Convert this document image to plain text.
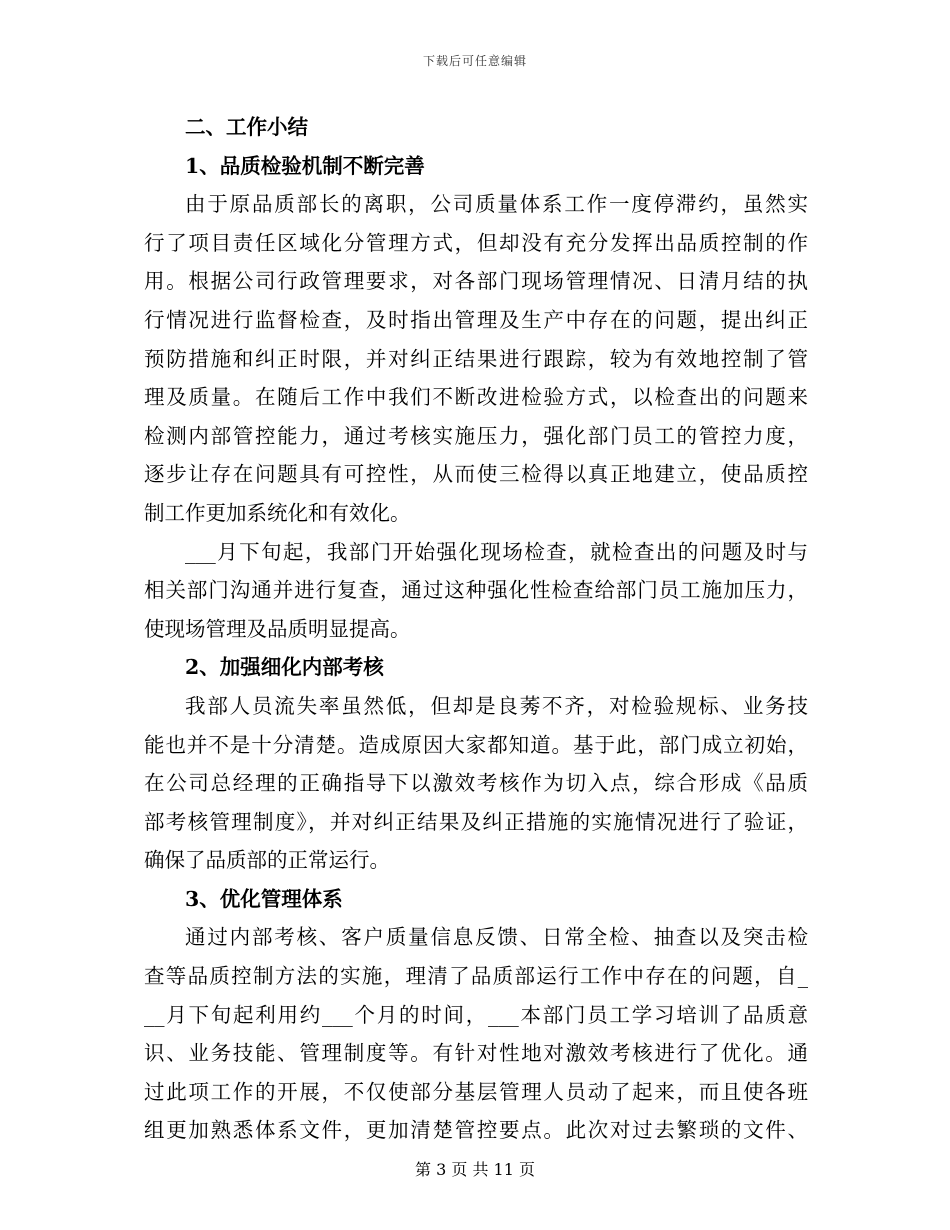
下载后可任意编辑
二、工作小结
1、品质检验机制不断完善
由于原品质部长的离职，公司质量体系工作一度停滞约，虽然实
行了项目责任区域化分管理方式，但却没有充分发挥出品质控制的作
用。根据公司行政管理要求，对各部门现场管理情况、日清月结的执
行情况进行监督检查，及时指出管理及生产中存在的问题，提出纠正
预防措施和纠正时限，并对纠正结果进行跟踪，较为有效地控制了管
理及质量。在随后工作中我们不断改进检验方式，以检查出的问题来
检测内部管控能力，通过考核实施压力，强化部门员工的管控力度，
逐步让存在问题具有可控性，从而使三检得以真正地建立，使品质控
制工作更加系统化和有效化。
___月下旬起，我部门开始强化现场检查，就检查出的问题及时与
相关部门沟通并进行复查，通过这种强化性检查给部门员工施加压力，
使现场管理及品质明显提高。
2、加强细化内部考核
我部人员流失率虽然低，但却是良莠不齐，对检验规标、业务技
能也并不是十分清楚。造成原因大家都知道。基于此，部门成立初始，
在公司总经理的正确指导下以激效考核作为切入点，综合形成《品质
部考核管理制度》，并对纠正结果及纠正措施的实施情况进行了验证，
确保了品质部的正常运行。
3、优化管理体系
通过内部考核、客户质量信息反馈、日常全检、抽查以及突击检
查等品质控制方法的实施，理清了品质部运行工作中存在的问题，自_
__月下旬起利用约___个月的时间，___本部门员工学习培训了品质意
识、业务技能、管理制度等。有针对性地对激效考核进行了优化。通
过此项工作的开展，不仅使部分基层管理人员动了起来，而且使各班
组更加熟悉体系文件，更加清楚管控要点。此次对过去繁琐的文件、
第 3 页 共 11 页
